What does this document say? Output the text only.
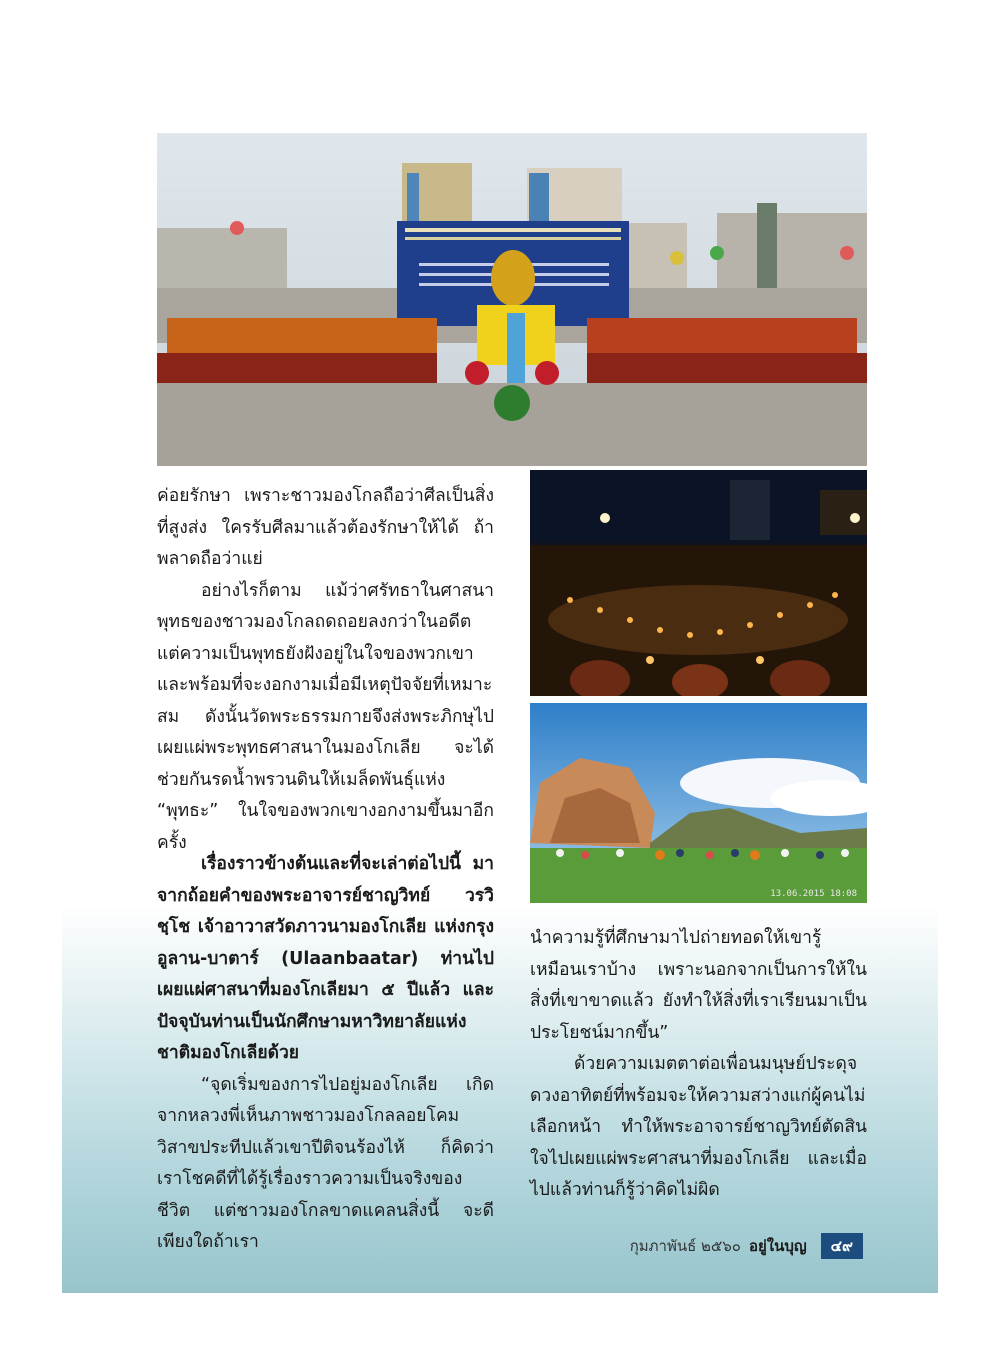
13.06.2015 18:08

ค่อยรักษา เพราะชาวมองโกลถือว่าศีลเป็นสิ่งที่สูงส่ง ใครรับศีลมาแล้วต้องรักษาให้ได้ ถ้าพลาดถือว่าแย่

อย่างไรก็ตาม แม้ว่าศรัทธาในศาสนาพุทธของชาวมองโกลถดถอยลงกว่าในอดีต แต่ความเป็นพุทธยังฝังอยู่ในใจของพวกเขา และพร้อมที่จะงอกงามเมื่อมีเหตุปัจจัยที่เหมาะสม ดังนั้นวัดพระธรรมกายจึงส่งพระภิกษุไปเผยแผ่พระพุทธศาสนาในมองโกเลีย จะได้ช่วยกันรดน้ำพรวนดินให้เมล็ดพันธุ์แห่ง “พุทธะ” ในใจของพวกเขางอกงามขึ้นมาอีกครั้ง

เรื่องราวข้างต้นและที่จะเล่าต่อไปนี้ มาจากถ้อยคำของพระอาจารย์ชาญวิทย์ วรวิชฺโช เจ้าอาวาสวัดภาวนามองโกเลีย แห่งกรุงอูลาน-บาตาร์ (Ulaanbaatar) ท่านไปเผยแผ่ศาสนาที่มองโกเลียมา ๕ ปีแล้ว และปัจจุบันท่านเป็นนักศึกษามหาวิทยาลัยแห่งชาติมองโกเลียด้วย

“จุดเริ่มของการไปอยู่มองโกเลีย เกิดจากหลวงพี่เห็นภาพชาวมองโกลลอยโคมวิสาขประทีปแล้วเขาปีติจนร้องไห้ ก็คิดว่า เราโชคดีที่ได้รู้เรื่องราวความเป็นจริงของชีวิต แต่ชาวมองโกลขาดแคลนสิ่งนี้ จะดีเพียงใดถ้าเรา

นำความรู้ที่ศึกษามาไปถ่ายทอดให้เขารู้เหมือนเราบ้าง เพราะนอกจากเป็นการให้ในสิ่งที่เขาขาดแล้ว ยังทำให้สิ่งที่เราเรียนมาเป็นประโยชน์มากขึ้น”

ด้วยความเมตตาต่อเพื่อนมนุษย์ประดุจดวงอาทิตย์ที่พร้อมจะให้ความสว่างแก่ผู้คนไม่เลือกหน้า ทำให้พระอาจารย์ชาญวิทย์ตัดสินใจไปเผยแผ่พระศาสนาที่มองโกเลีย และเมื่อไปแล้วท่านก็รู้ว่าคิดไม่ผิด

กุมภาพันธ์ ๒๕๖๐ อยู่ในบุญ	๔๙
